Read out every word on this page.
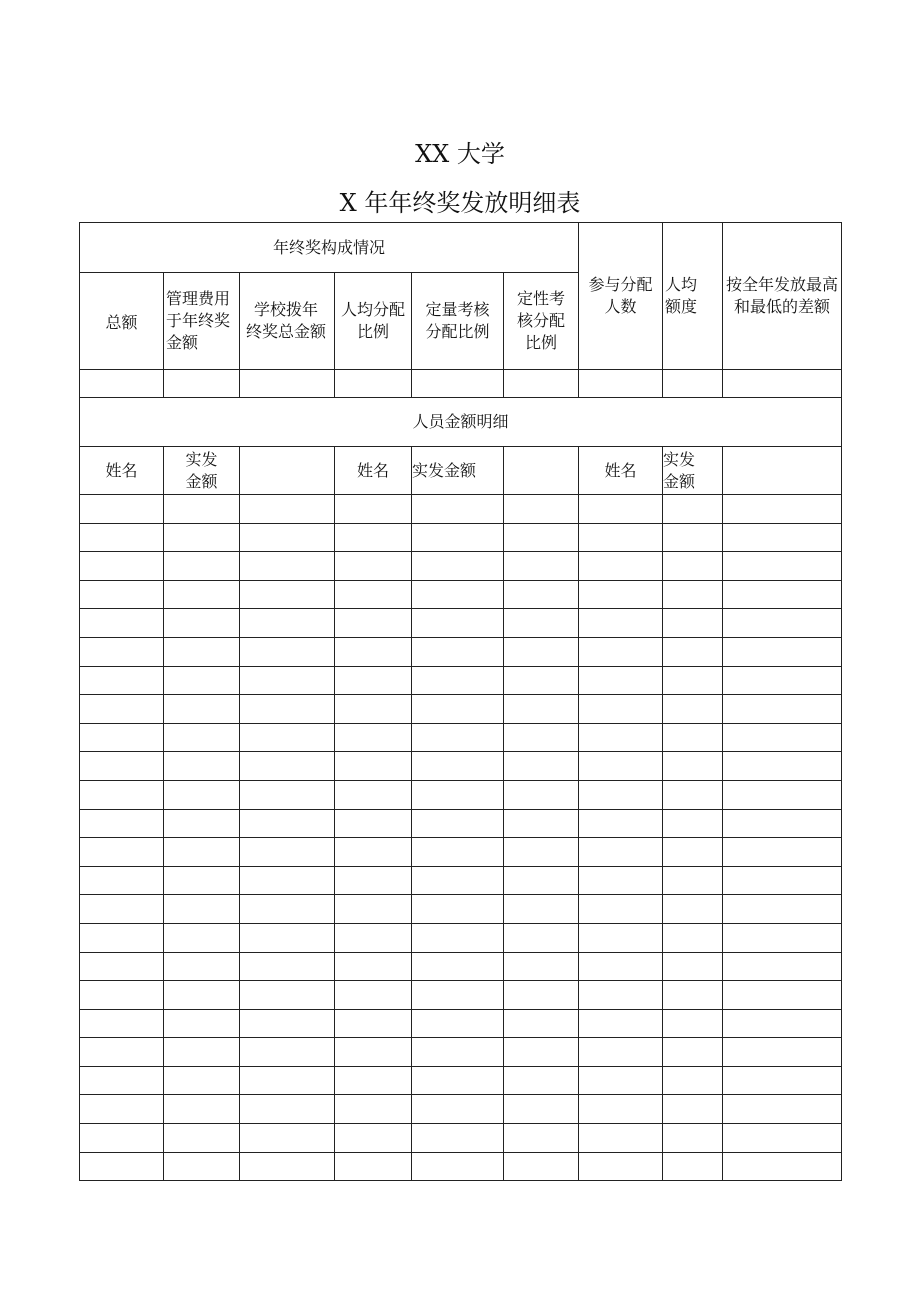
XX 大学
X 年年终奖发放明细表
年终奖构成情况						参与分配人数	人均额度	按全年发放最高和最低的差额
总额	管理费用于年终奖金额	学校拨年终奖总金额	人均分配比例	定量考核分配比例	定性考核分配比例			

人员金额明细								
姓名	实发金额		姓名	实发金额		姓名	实发金额	
